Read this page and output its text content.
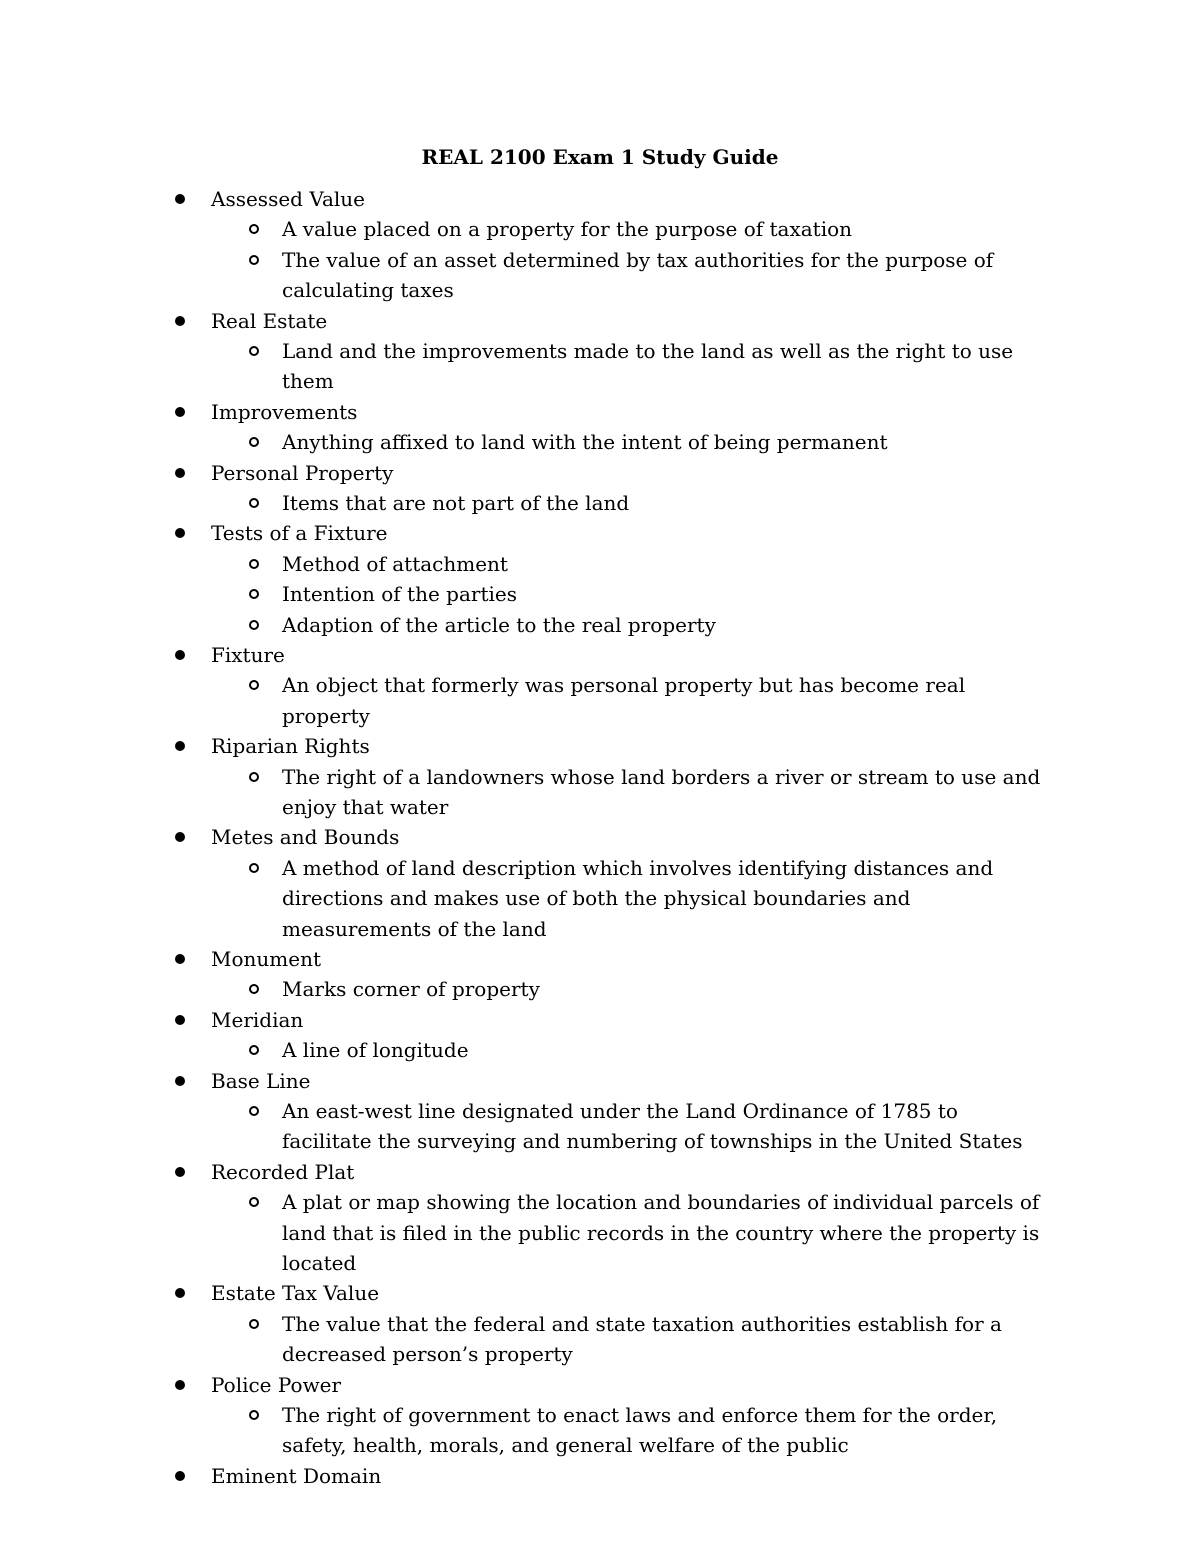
REAL 2100 Exam 1 Study Guide
Assessed Value
A value placed on a property for the purpose of taxation
The value of an asset determined by tax authorities for the purpose of calculating taxes
Real Estate
Land and the improvements made to the land as well as the right to use them
Improvements
Anything affixed to land with the intent of being permanent
Personal Property
Items that are not part of the land
Tests of a Fixture
Method of attachment
Intention of the parties
Adaption of the article to the real property
Fixture
An object that formerly was personal property but has become real property
Riparian Rights
The right of a landowners whose land borders a river or stream to use and enjoy that water
Metes and Bounds
A method of land description which involves identifying distances and directions and makes use of both the physical boundaries and measurements of the land
Monument
Marks corner of property
Meridian
A line of longitude
Base Line
An east-west line designated under the Land Ordinance of 1785 to facilitate the surveying and numbering of townships in the United States
Recorded Plat
A plat or map showing the location and boundaries of individual parcels of land that is filed in the public records in the country where the property is located
Estate Tax Value
The value that the federal and state taxation authorities establish for a decreased person’s property
Police Power
The right of government to enact laws and enforce them for the order, safety, health, morals, and general welfare of the public
Eminent Domain
